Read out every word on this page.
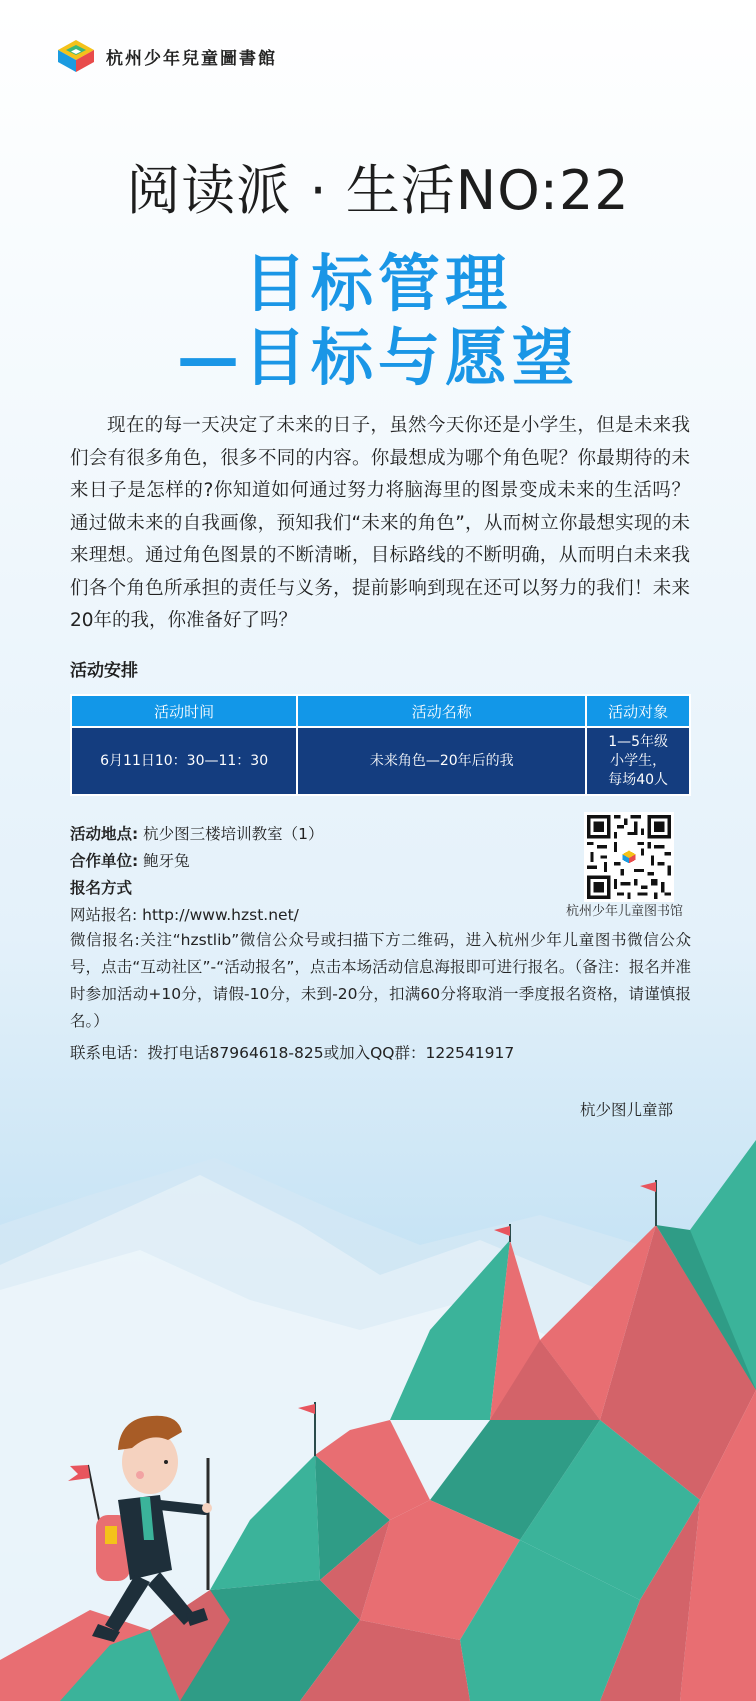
杭州少年兒童圖書館
阅读派 · 生活NO:22
目标管理
—目标与愿望

现在的每一天决定了未来的日子，虽然今天你还是小学生，但是未来我们会有很多角色，很多不同的内容。你最想成为哪个角色呢？你最期待的未来日子是怎样的?你知道如何通过努力将脑海里的图景变成未来的生活吗？通过做未来的自我画像，预知我们“未来的角色”，从而树立你最想实现的未来理想。通过角色图景的不断清晰，目标路线的不断明确，从而明白未来我们各个角色所承担的责任与义务，提前影响到现在还可以努力的我们！未来20年的我，你准备好了吗？

活动安排
活动时间	活动名称	活动对象
6月11日10：30—11：30	未来角色—20年后的我	1—5年级
小学生，
每场40人
活动地点: 杭少图三楼培训教室（1）
合作单位: 鲍牙兔
报名方式
网站报名: http://www.hzst.net/

微信报名:关注“hzstlib”微信公众号或扫描下方二维码，进入杭州少年儿童图书微信公众号，点击“互动社区”-“活动报名”，点击本场活动信息海报即可进行报名。（备注：报名并准时参加活动+10分，请假-10分，未到-20分，扣满60分将取消一季度报名资格，请谨慎报名。）

联系电话：拨打电话87964618-825或加入QQ群：122541917
杭州少年儿童图书馆
杭少图儿童部
